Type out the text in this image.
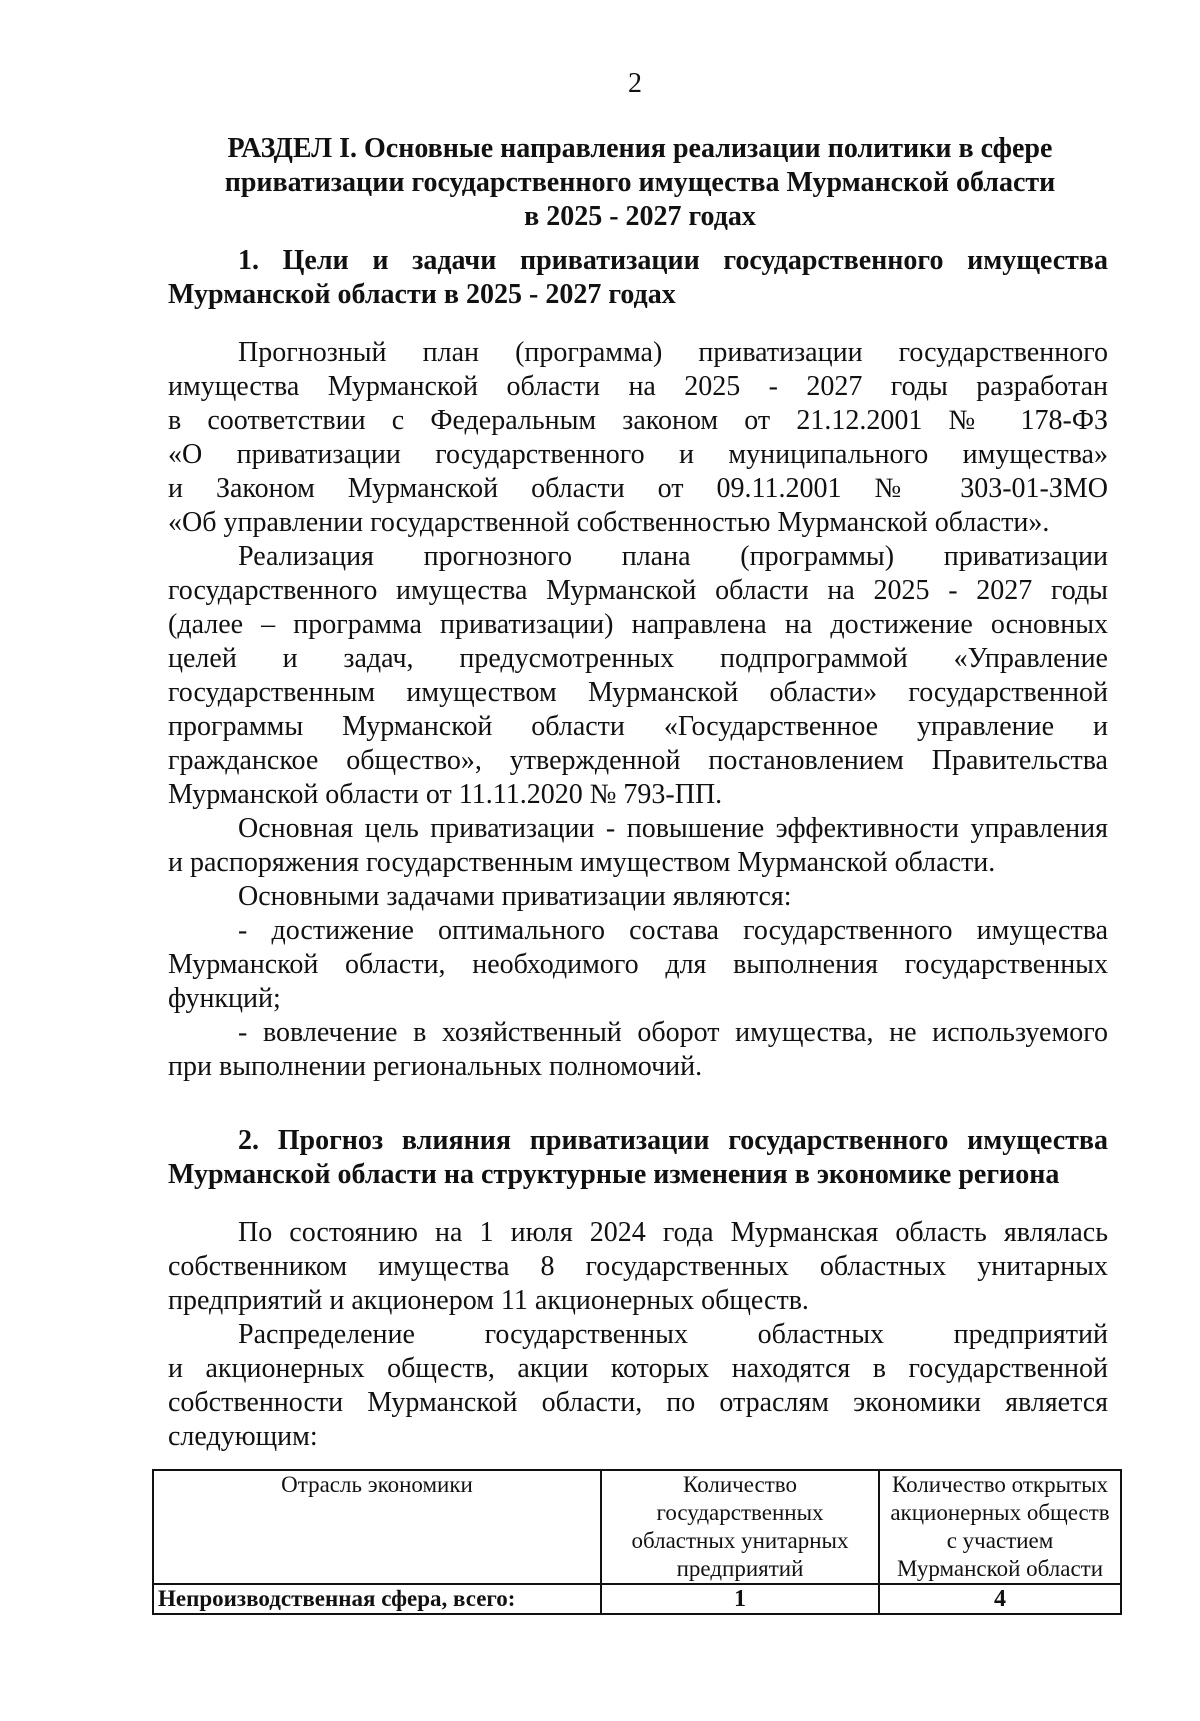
2
РАЗДЕЛ I. Основные направления реализации политики в сфере
приватизации государственного имущества Мурманской области
в 2025 - 2027 годах
1. Цели и задачи приватизации государственного имущества
Мурманской области в 2025 - 2027 годах
Прогнозный план (программа) приватизации государственного
имущества Мурманской области на 2025 - 2027 годы разработан
в соответствии с Федеральным законом от 21.12.2001 № 178-ФЗ
«О приватизации государственного и муниципального имущества»
и Законом Мурманской области от 09.11.2001 № 303-01-ЗМО
«Об управлении государственной собственностью Мурманской области».
Реализация прогнозного плана (программы) приватизации
государственного имущества Мурманской области на 2025 - 2027 годы
(далее – программа приватизации) направлена на достижение основных
целей и задач, предусмотренных подпрограммой «Управление
государственным имуществом Мурманской области» государственной
программы Мурманской области «Государственное управление и
гражданское общество», утвержденной постановлением Правительства
Мурманской области от 11.11.2020 № 793-ПП.
Основная цель приватизации - повышение эффективности управления
и распоряжения государственным имуществом Мурманской области.
Основными задачами приватизации являются:
- достижение оптимального состава государственного имущества
Мурманской области, необходимого для выполнения государственных
функций;
- вовлечение в хозяйственный оборот имущества, не используемого
при выполнении региональных полномочий.
2. Прогноз влияния приватизации государственного имущества
Мурманской области на структурные изменения в экономике региона
По состоянию на 1 июля 2024 года Мурманская область являлась
собственником имущества 8 государственных областных унитарных
предприятий и акционером 11 акционерных обществ.
Распределение государственных областных предприятий
и акционерных обществ, акции которых находятся в государственной
собственности Мурманской области, по отраслям экономики является
следующим:
Отрасль экономики	Количество государственных областных унитарных предприятий	Количество открытых акционерных обществ с участием Мурманской области
Непроизводственная сфера, всего:	1	4
